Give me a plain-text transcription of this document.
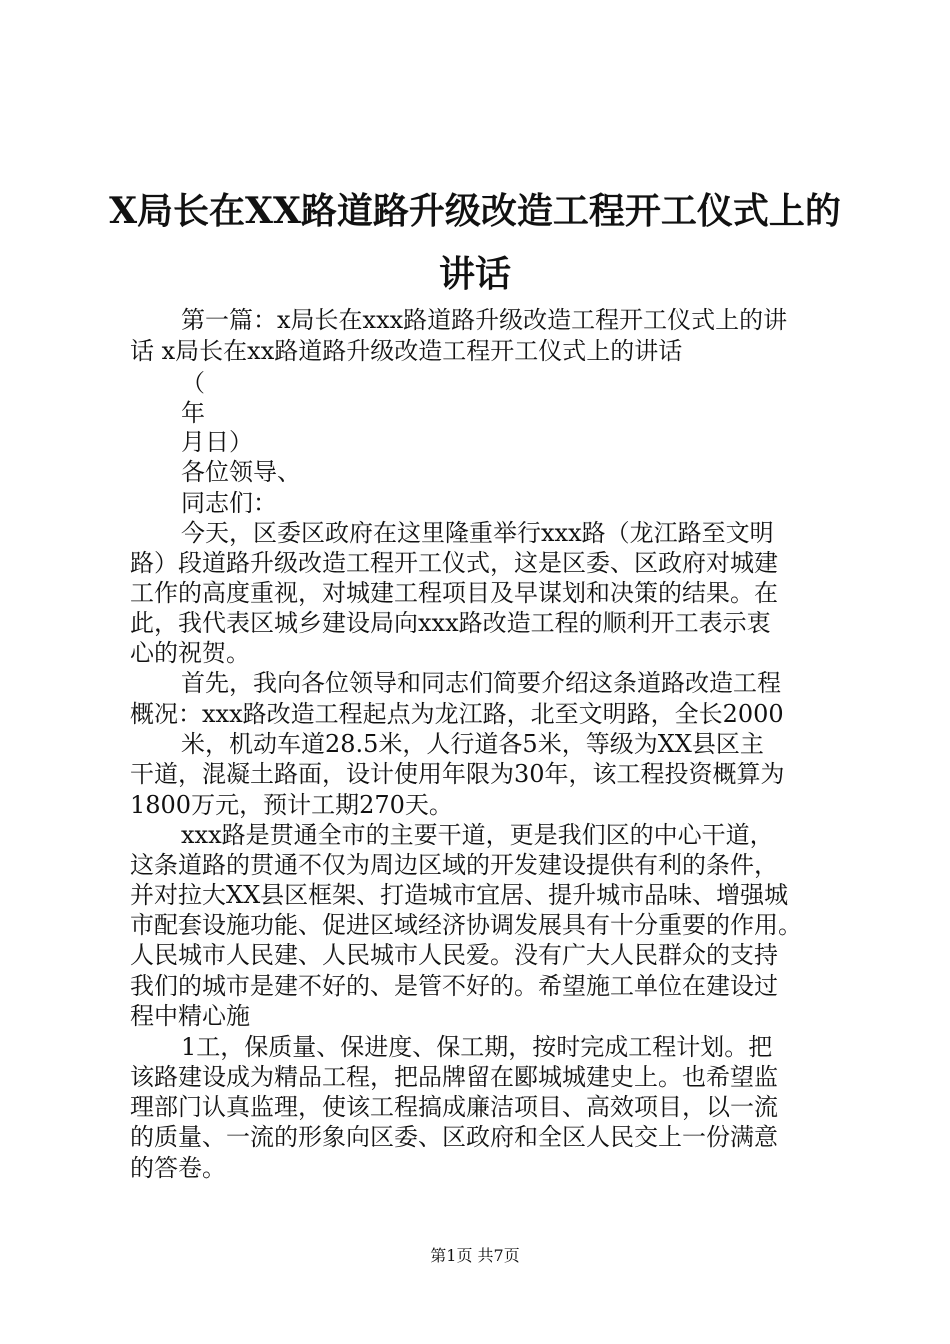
X局长在XX路道路升级改造工程开工仪式上的
讲话
第一篇：x局长在xxx路道路升级改造工程开工仪式上的讲
话 x局长在xx路道路升级改造工程开工仪式上的讲话
（
年
月日）
各位领导、
同志们：
今天，区委区政府在这里隆重举行xxx路（龙江路至文明
路）段道路升级改造工程开工仪式，这是区委、区政府对城建
工作的高度重视，对城建工程项目及早谋划和决策的结果。在
此，我代表区城乡建设局向xxx路改造工程的顺利开工表示衷
心的祝贺。
首先，我向各位领导和同志们简要介绍这条道路改造工程
概况：xxx路改造工程起点为龙江路，北至文明路，全长2000
米，机动车道28.5米，人行道各5米，等级为XX县区主
干道，混凝土路面，设计使用年限为30年，该工程投资概算为
1800万元，预计工期270天。
xxx路是贯通全市的主要干道，更是我们区的中心干道，
这条道路的贯通不仅为周边区域的开发建设提供有利的条件，
并对拉大XX县区框架、打造城市宜居、提升城市品味、增强城
市配套设施功能、促进区域经济协调发展具有十分重要的作用。
人民城市人民建、人民城市人民爱。没有广大人民群众的支持
我们的城市是建不好的、是管不好的。希望施工单位在建设过
程中精心施
1工，保质量、保进度、保工期，按时完成工程计划。把
该路建设成为精品工程，把品牌留在郾城城建史上。也希望监
理部门认真监理，使该工程搞成廉洁项目、高效项目，以一流
的质量、一流的形象向区委、区政府和全区人民交上一份满意
的答卷。
第1页 共7页
